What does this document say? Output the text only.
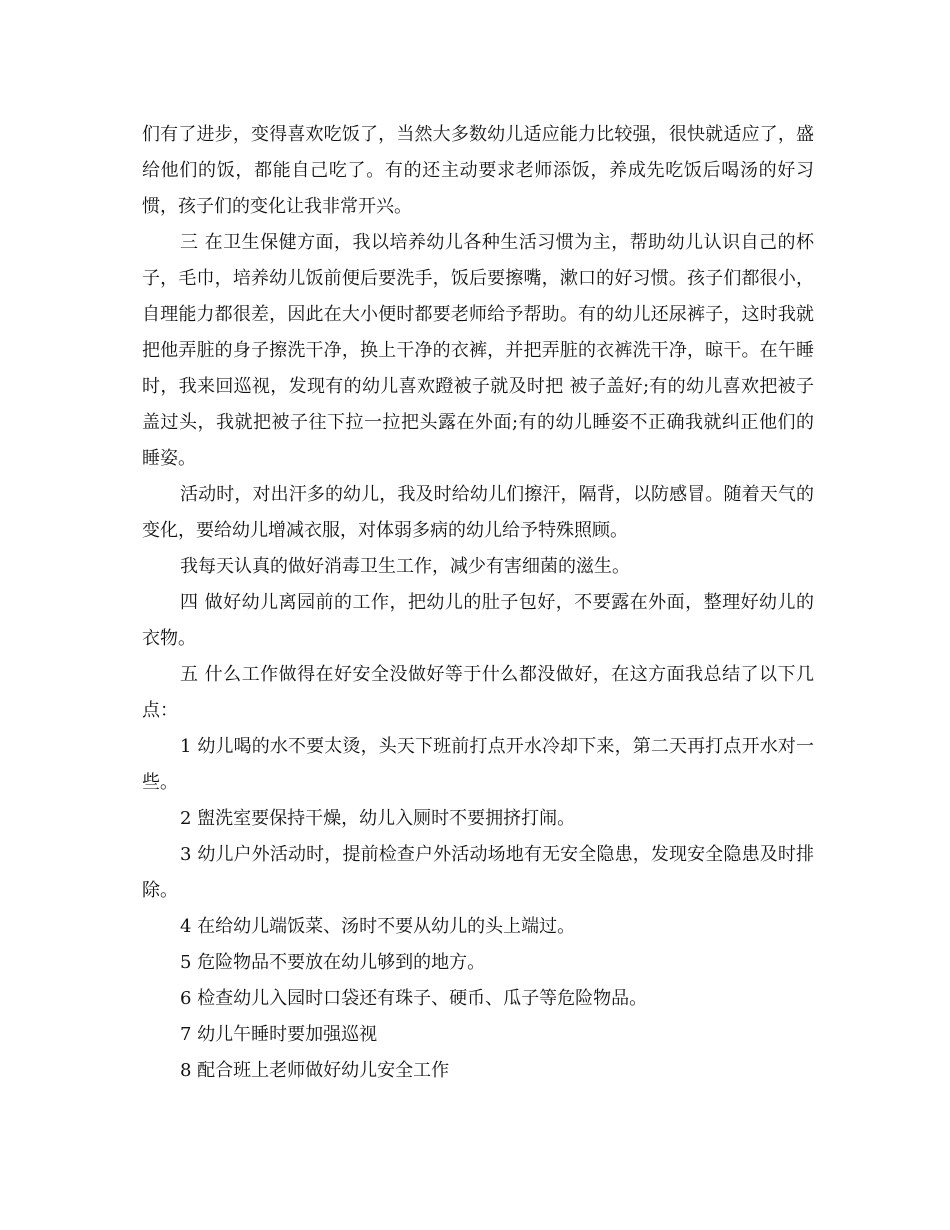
们有了进步，变得喜欢吃饭了，当然大多数幼儿适应能力比较强，很快就适应了，盛给他们的饭，都能自己吃了。有的还主动要求老师添饭，养成先吃饭后喝汤的好习惯，孩子们的变化让我非常开兴。

三 在卫生保健方面，我以培养幼儿各种生活习惯为主，帮助幼儿认识自己的杯子，毛巾，培养幼儿饭前便后要洗手，饭后要擦嘴，漱口的好习惯。孩子们都很小，自理能力都很差，因此在大小便时都要老师给予帮助。有的幼儿还尿裤子，这时我就把他弄脏的身子擦洗干净，换上干净的衣裤，并把弄脏的衣裤洗干净，晾干。在午睡时，我来回巡视，发现有的幼儿喜欢蹬被子就及时把 被子盖好;有的幼儿喜欢把被子盖过头，我就把被子往下拉一拉把头露在外面;有的幼儿睡姿不正确我就纠正他们的睡姿。

活动时，对出汗多的幼儿，我及时给幼儿们擦汗，隔背，以防感冒。随着天气的变化，要给幼儿增减衣服，对体弱多病的幼儿给予特殊照顾。

我每天认真的做好消毒卫生工作，减少有害细菌的滋生。

四 做好幼儿离园前的工作，把幼儿的肚子包好，不要露在外面，整理好幼儿的衣物。

五 什么工作做得在好安全没做好等于什么都没做好，在这方面我总结了以下几点：

1 幼儿喝的水不要太烫，头天下班前打点开水冷却下来，第二天再打点开水对一些。

2 盥洗室要保持干燥，幼儿入厕时不要拥挤打闹。

3 幼儿户外活动时，提前检查户外活动场地有无安全隐患，发现安全隐患及时排除。

4 在给幼儿端饭菜、汤时不要从幼儿的头上端过。

5 危险物品不要放在幼儿够到的地方。

6 检查幼儿入园时口袋还有珠子、硬币、瓜子等危险物品。

7 幼儿午睡时要加强巡视

8 配合班上老师做好幼儿安全工作
